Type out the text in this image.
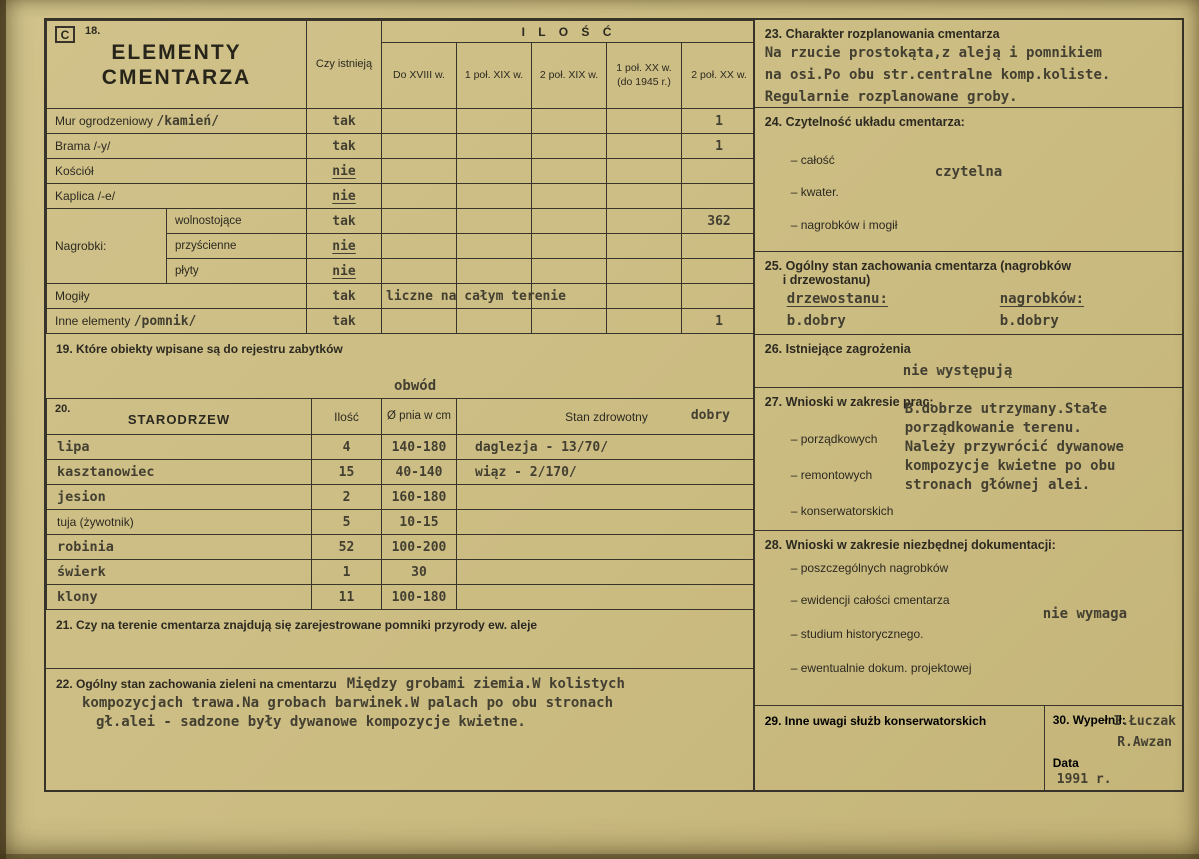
C 18.
ELEMENTY
CMENTARZA		Czy istnieją	I L O Ś Ć				
			Do XVIII w.	1 poł. XIX w.	2 poł. XIX w.	1 poł. XX w. (do 1945 r.)	2 poł. XX w.
Mur ogrodzeniowy /kamień/		tak					1
Brama /-y/		tak					1
Kościół		nie					
Kaplica /-e/		nie					
Nagrobki:	wolnostojące	tak					362
	przyścienne	nie					
	płyty	nie					
Mogiły		tak	liczne na całym terenie				
Inne elementy /pomnik/		tak					1
19. Które obiekty wpisane są do rejestru zabytków
obwód
20.
STARODRZEW	Ilość	Ø pnia w cm	Stan zdrowotny	dobry

lipa	4	140-180	daglezja - 13/70/
kasztanowiec	15	40-140	wiąz - 2/170/
jesion	2	160-180	
tuja (żywotnik)	5	10-15	
robinia	52	100-200	
świerk	1	30	
klony	11	100-180	
21. Czy na terenie cmentarza znajdują się zarejestrowane pomniki przyrody ew. aleje
22. Ogólny stan zachowania zieleni na cmentarzu Między grobami ziemia.W kolistych
kompozycjach trawa.Na grobach barwinek.W palach po obu stronach
gł.alei - sadzone były dywanowe kompozycje kwietne.
23. Charakter rozplanowania cmentarza
Na rzucie prostokąta,z aleją i pomnikiem
na osi.Po obu str.centralne komp.koliste.
Regularnie rozplanowane groby.
24. Czytelność układu cmentarza:
– całość
– kwater.
– nagrobków i mogił
czytelna
25. Ogólny stan zachowania cmentarza (nagrobków
i drzewostanu)
drzewostanu:	nagrobków:
b.dobry	b.dobry
26. Istniejące zagrożenia
nie występują
27. Wnioski w zakresie prac:
– porządkowych
– remontowych
– konserwatorskich
B.dobrze utrzymany.Stałe
porządkowanie terenu.
Należy przywrócić dywanowe
kompozycje kwietne po obu
stronach głównej alei.
28. Wnioski w zakresie niezbędnej dokumentacji:
– poszczególnych nagrobków
– ewidencji całości cmentarza
– studium historycznego.
– ewentualnie dokum. projektowej
nie wymaga
29. Inne uwagi służb konserwatorskich	30. Wypełnił:
I.Łuczak
R.Awzan
Data
1991 r.
